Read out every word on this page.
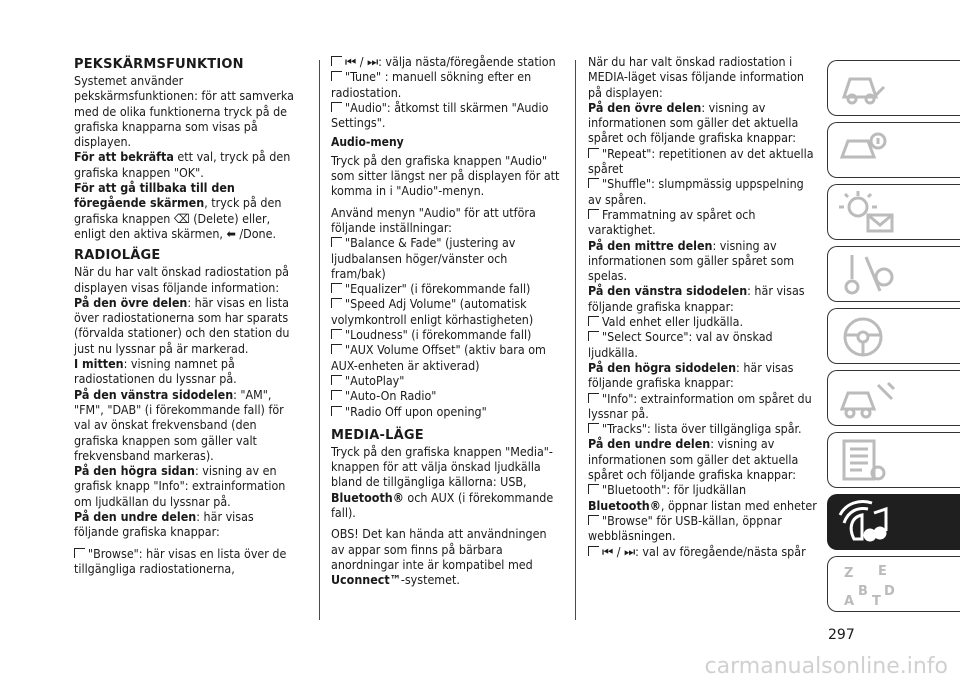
PEKSKÄRMSFUNKTION

Systemet använder pekskärmsfunktionen: för att samverka med de olika funktionerna tryck på de grafiska knapparna som visas på displayen.

För att bekräfta ett val, tryck på den grafiska knappen "OK".

För att gå tillbaka till den föregående skärmen, tryck på den grafiska knappen ⌫ (Delete) eller, enligt den aktiva skärmen, ⬅ /Done.

RADIOLÄGE

När du har valt önskad radiostation på displayen visas följande information:

På den övre delen: här visas en lista över radiostationerna som har sparats (förvalda stationer) och den station du just nu lyssnar på är markerad.

I mitten: visning namnet på radiostationen du lyssnar på.

På den vänstra sidodelen: "AM", "FM", "DAB" (i förekommande fall) för val av önskat frekvensband (den grafiska knappen som gäller valt frekvensband markeras).

På den högra sidan: visning av en grafisk knapp "Info": extrainformation om ljudkällan du lyssnar på.

På den undre delen: här visas följande grafiska knappar:

"Browse": här visas en lista över de tillgängliga radiostationerna,

⏮ / ⏭: välja nästa/föregående station

"Tune" : manuell sökning efter en radiostation.

"Audio": åtkomst till skärmen "Audio Settings".

Audio-meny

Tryck på den grafiska knappen "Audio" som sitter längst ner på displayen för att komma in i "Audio"-menyn.

Använd menyn "Audio" för att utföra följande inställningar:

"Balance & Fade" (justering av ljudbalansen höger/vänster och fram/bak)

"Equalizer" (i förekommande fall)

"Speed Adj Volume" (automatisk volymkontroll enligt körhastigheten)

"Loudness" (i förekommande fall)

"AUX Volume Offset" (aktiv bara om AUX-enheten är aktiverad)

"AutoPlay"

"Auto-On Radio"

"Radio Off upon opening"

MEDIA-LÄGE

Tryck på den grafiska knappen "Media"-knappen för att välja önskad ljudkälla bland de tillgängliga källorna: USB, Bluetooth® och AUX (i förekommande fall).

OBS! Det kan hända att användningen av appar som finns på bärbara anordningar inte är kompatibel med Uconnect™-systemet.

När du har valt önskad radiostation i MEDIA-läget visas följande information på displayen:

På den övre delen: visning av informationen som gäller det aktuella spåret och följande grafiska knappar:

"Repeat": repetitionen av det aktuella spåret

"Shuffle": slumpmässig uppspelning av spåren.

Frammatning av spåret och varaktighet.

På den mittre delen: visning av informationen som gäller spåret som spelas.

På den vänstra sidodelen: här visas följande grafiska knappar:

Vald enhet eller ljudkälla.

"Select Source": val av önskad ljudkälla.

På den högra sidodelen: här visas följande grafiska knappar:

"Info": extrainformation om spåret du lyssnar på.

"Tracks": lista över tillgängliga spår.

På den undre delen: visning av informationen som gäller det aktuella spåret och följande grafiska knappar:

"Bluetooth": för ljudkällan Bluetooth®, öppnar listan med enheter

"Browse" för USB-källan, öppnar webbläsningen.

⏮ / ⏭: val av föregående/nästa spår

Z E
B
A T
D
297
carmanualsonline.info
